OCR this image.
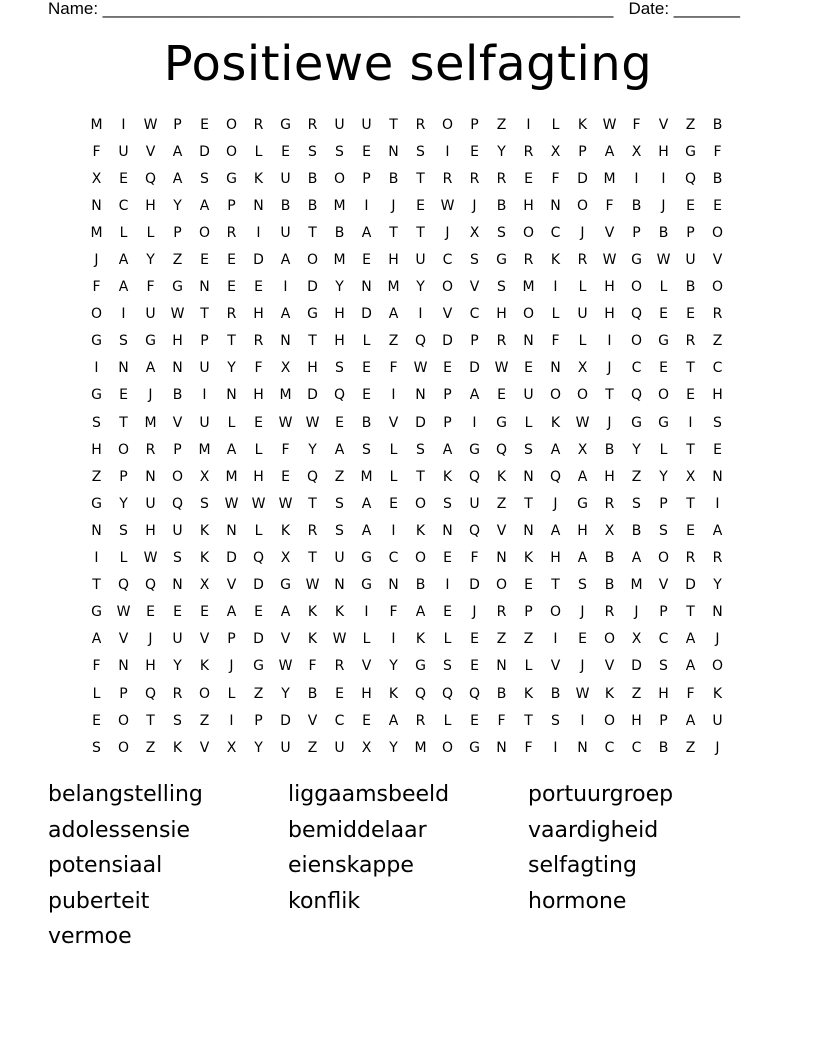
Name: ______________________________________________________ Date: _______
Positiewe selfagting
M	I	W	P	E	O	R	G	R	U	U	T	R	O	P	Z	I	L	K	W	F	V	Z	B
F	U	V	A	D	O	L	E	S	S	E	N	S	I	E	Y	R	X	P	A	X	H	G	F
X	E	Q	A	S	G	K	U	B	O	P	B	T	R	R	R	E	F	D	M	I	I	Q	B
N	C	H	Y	A	P	N	B	B	M	I	J	E	W	J	B	H	N	O	F	B	J	E	E
M	L	L	P	O	R	I	U	T	B	A	T	T	J	X	S	O	C	J	V	P	B	P	O
J	A	Y	Z	E	E	D	A	O	M	E	H	U	C	S	G	R	K	R	W	G	W	U	V
F	A	F	G	N	E	E	I	D	Y	N	M	Y	O	V	S	M	I	L	H	O	L	B	O
O	I	U	W	T	R	H	A	G	H	D	A	I	V	C	H	O	L	U	H	Q	E	E	R
G	S	G	H	P	T	R	N	T	H	L	Z	Q	D	P	R	N	F	L	I	O	G	R	Z
I	N	A	N	U	Y	F	X	H	S	E	F	W	E	D	W	E	N	X	J	C	E	T	C
G	E	J	B	I	N	H	M	D	Q	E	I	N	P	A	E	U	O	O	T	Q	O	E	H
S	T	M	V	U	L	E	W W	E	B	V	D	P	I	G	L	K	W	J	G	G	I	S
H	O	R	P	M	A	L	F	Y	A	S	L	S	A	G	Q	S	A	X	B	Y	L	T	E
Z	P	N	O	X	M	H	E	Q	Z	M	L	T	K	Q	K	N	Q	A	H	Z	Y	X	N
G	Y	U	Q	S	W W W	T	S	A	E	O	S	U	Z	T	J	G	R	S	P	T	I
N	S	H	U	K	N	L	K	R	S	A	I	K	N	Q	V	N	A	H	X	B	S	E	A
I	L	W	S	K	D	Q	X	T	U	G	C	O	E	F	N	K	H	A	B	A	O	R	R
T	Q	Q	N	X	V	D	G	W	N	G	N	B	I	D	O	E	T	S	B	M	V	D	Y
G	W	E	E	E	A	E	A	K	K	I	F	A	E	J	R	P	O	J	R	J	P	T	N
A	V	J	U	V	P	D	V	K	W	L	I	K	L	E	Z	Z	I	E	O	X	C	A	J
F	N	H	Y	K	J	G	W	F	R	V	Y	G	S	E	N	L	V	J	V	D	S	A	O
L	P	Q	R	O	L	Z	Y	B	E	H	K	Q	Q	Q	B	K	B	W	K	Z	H	F	K
E	O	T	S	Z	I	P	D	V	C	E	A	R	L	E	F	T	S	I	O	H	P	A	U
S	O	Z	K	V	X	Y	U	Z	U	X	Y	M	O	G	N	F	I	N	C	C	B	Z	J
belangstelling	liggaamsbeeld	portuurgroep
adolessensie	bemiddelaar	vaardigheid
potensiaal	eienskappe	selfagting
puberteit	konflik	hormone
vermoe
